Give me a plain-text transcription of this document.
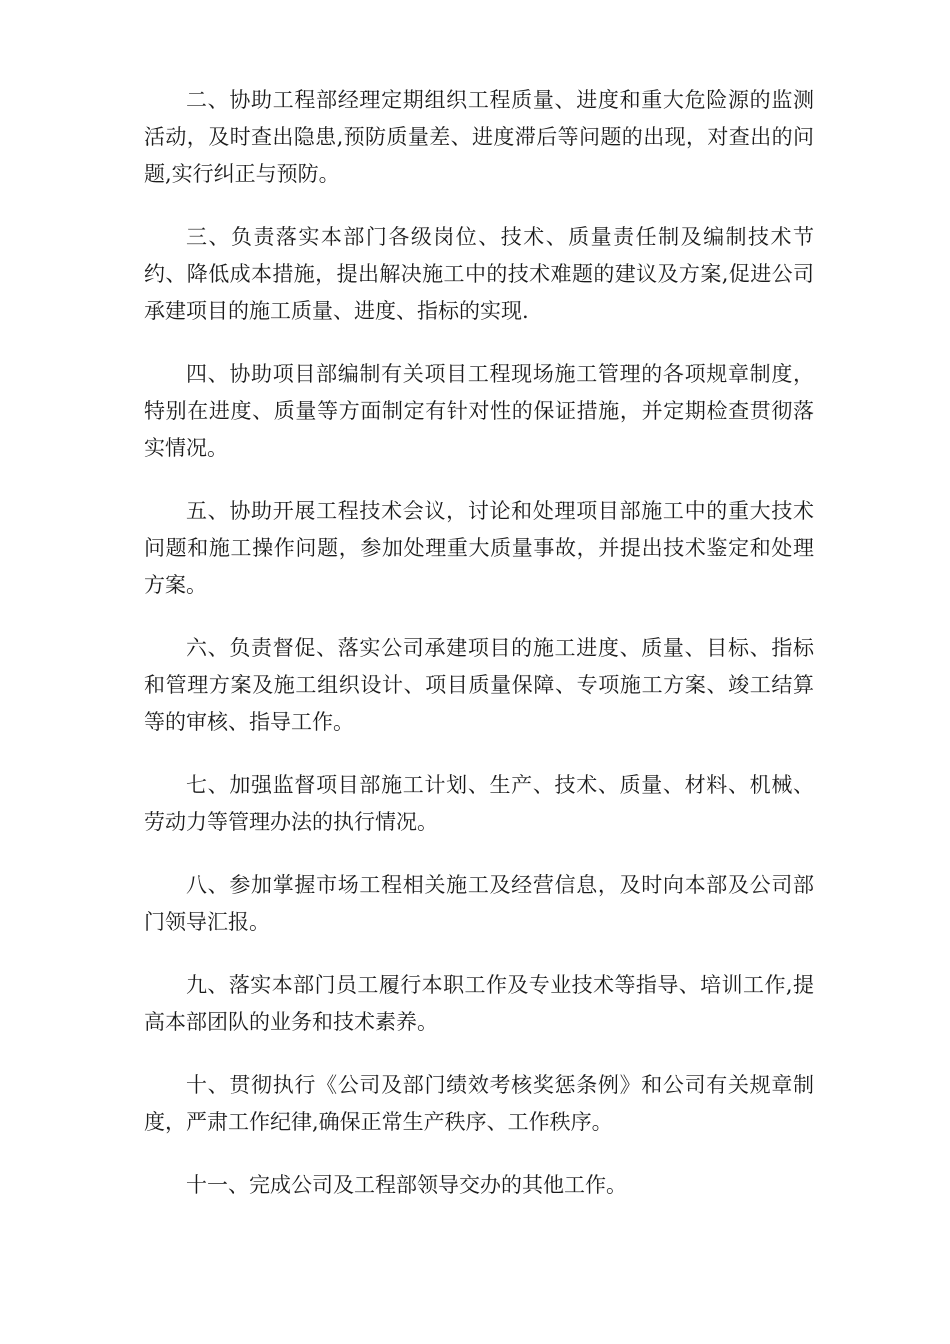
二、协助工程部经理定期组织工程质量、进度和重大危险源的监测活动，及时查出隐患,预防质量差、进度滞后等问题的出现，对查出的问题,实行纠正与预防。

三、负责落实本部门各级岗位、技术、质量责任制及编制技术节约、降低成本措施，提出解决施工中的技术难题的建议及方案,促进公司承建项目的施工质量、进度、指标的实现.

四、协助项目部编制有关项目工程现场施工管理的各项规章制度，特别在进度、质量等方面制定有针对性的保证措施，并定期检查贯彻落实情况。

五、协助开展工程技术会议，讨论和处理项目部施工中的重大技术问题和施工操作问题，参加处理重大质量事故，并提出技术鉴定和处理方案。

六、负责督促、落实公司承建项目的施工进度、质量、目标、指标和管理方案及施工组织设计、项目质量保障、专项施工方案、竣工结算等的审核、指导工作。

七、加强监督项目部施工计划、生产、技术、质量、材料、机械、劳动力等管理办法的执行情况。

八、参加掌握市场工程相关施工及经营信息，及时向本部及公司部门领导汇报。

九、落实本部门员工履行本职工作及专业技术等指导、培训工作,提高本部团队的业务和技术素养。

十、贯彻执行《公司及部门绩效考核奖惩条例》和公司有关规章制度，严肃工作纪律,确保正常生产秩序、工作秩序。

十一、完成公司及工程部领导交办的其他工作。
